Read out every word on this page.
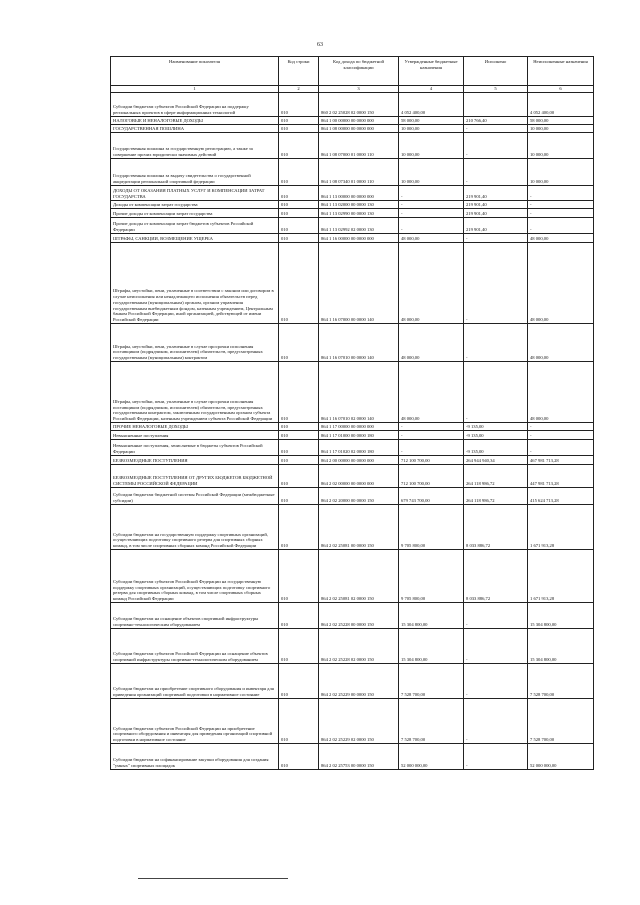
63
Наименование показателя	Код строки	Код дохода по бюджетной классификации	Утвержденные бюджетные назначения	Исполнено	Неисполненные назначения
1	2	3	4	5	6
Субсидии бюджетам субъектов Российской Федерации на поддержку региональных проектов в сфере информационных технологий	010	860 2 02 25028 02 0000 150	4 052 400,00		4 052 400,00
НАЛОГОВЫЕ И НЕНАЛОГОВЫЕ ДОХОДЫ	010	864 1 00 00000 00 0000 000	58 000,00	210 766,40	58 000,00
ГОСУДАРСТВЕННАЯ ПОШЛИНА	010	864 1 08 00000 00 0000 000	10 000,00	-	10 000,00
Государственная пошлина за государственную регистрацию, а также за совершение прочих юридически значимых действий	010	864 1 08 07000 01 0000 110	10 000,00	-	10 000,00
Государственная пошлина за выдачу свидетельства о государственной аккредитации региональной спортивной федерации	010	864 1 08 07340 01 0000 110	10 000,00	-	10 000,00
ДОХОДЫ ОТ ОКАЗАНИЯ ПЛАТНЫХ УСЛУГ И КОМПЕНСАЦИИ ЗАТРАТ ГОСУДАРСТВА	010	864 1 13 00000 00 0000 000	-	219 901,40	-
Доходы от компенсации затрат государства	010	864 1 13 02000 00 0000 130	-	219 901,40	-
Прочие доходы от компенсации затрат государства	010	864 1 13 02990 00 0000 130	-	219 901,40	-
Прочие доходы от компенсации затрат бюджетов субъектов Российской Федерации	010	864 1 13 02992 02 0000 130	-	219 901,40	-
ШТРАФЫ, САНКЦИИ, ВОЗМЕЩЕНИЕ УЩЕРБА	010	864 1 16 00000 00 0000 000	48 000,00	-	48 000,00
Штрафы, неустойки, пени, уплаченные в соответствии с законом или договором в случае неисполнения или ненадлежащего исполнения обязательств перед государственным (муниципальным) органом, органом управления государственным внебюджетным фондом, казенным учреждением, Центральным банком Российской Федерации, иной организацией, действующей от имени Российской Федерации	010	864 1 16 07000 00 0000 140	48 000,00	-	48 000,00
Штрафы, неустойки, пени, уплаченные в случае просрочки исполнения поставщиком (подрядчиком, исполнителем) обязательств, предусмотренных государственным (муниципальным) контрактом	010	864 1 16 07010 00 0000 140	48 000,00	-	48 000,00
Штрафы, неустойки, пени, уплаченные в случае просрочки исполнения поставщиком (подрядчиком, исполнителем) обязательств, предусмотренных государственным контрактом, заключенным государственным органом субъекта Российской Федерации, казенным учреждением субъекта Российской Федерации	010	864 1 16 07010 02 0000 140	48 000,00	-	48 000,00
ПРОЧИЕ НЕНАЛОГОВЫЕ ДОХОДЫ	010	864 1 17 00000 00 0000 000	-	-9 135,00	-
Невыясненные поступления	010	864 1 17 01000 00 0000 180	-	-9 135,00	-
Невыясненные поступления, зачисляемые в бюджеты субъектов Российской Федерации	010	864 1 17 01020 02 0000 180	-	-9 135,00	-
БЕЗВОЗМЕЗДНЫЕ ПОСТУПЛЕНИЯ	010	864 2 00 00000 00 0000 000	712 100 700,00	264 944 940,34	467 981 713,28
БЕЗВОЗМЕЗДНЫЕ ПОСТУПЛЕНИЯ ОТ ДРУГИХ БЮДЖЕТОВ БЮДЖЕТНОЙ СИСТЕМЫ РОССИЙСКОЙ ФЕДЕРАЦИИ	010	864 2 02 00000 00 0000 000	712 100 700,00	264 118 986,72	447 981 713,28
Субсидии бюджетам бюджетной системы Российской Федерации (межбюджетные субсидии)	010	864 2 02 20000 00 0000 150	679 743 700,00	264 118 986,72	415 624 713,28
Субсидии бюджетам на государственную поддержку спортивных организаций, осуществляющих подготовку спортивного резерва для спортивных сборных команд, в том числе спортивных сборных команд Российской Федерации	010	864 2 02 25081 00 0000 150	9 705 800,00	8 033 886,72	1 671 913,28
Субсидии бюджетам субъектов Российской Федерации на государственную поддержку спортивных организаций, осуществляющих подготовку спортивного резерва для спортивных сборных команд, в том числе спортивных сборных команд Российской Федерации	010	864 2 02 25081 02 0000 150	9 705 800,00	8 033 886,72	1 671 913,28
Субсидии бюджетам на оснащение объектов спортивной инфраструктуры спортивно-технологическим оборудованием	010	864 2 02 25228 00 0000 150	15 304 800,00	-	15 304 800,00
Субсидии бюджетам субъектов Российской Федерации на оснащение объектов спортивной инфраструктуры спортивно-технологическим оборудованием	010	864 2 02 25228 02 0000 150	15 304 800,00	-	15 304 800,00
Субсидии бюджетам на приобретение спортивного оборудования и инвентаря для приведения организаций спортивной подготовки в нормативное состояние	010	864 2 02 25229 00 0000 150	7 528 700,00	-	7 528 700,00
Субсидии бюджетам субъектов Российской Федерации на приобретение спортивного оборудования и инвентаря для приведения организаций спортивной подготовки в нормативное состояние	010	864 2 02 25229 02 0000 150	7 528 700,00	-	7 528 700,00
Субсидии бюджетам на софинансирование закупки оборудования для создания "умных" спортивных площадок	010	864 2 02 25753 00 0000 150	52 000 000,00	-	52 000 000,00
